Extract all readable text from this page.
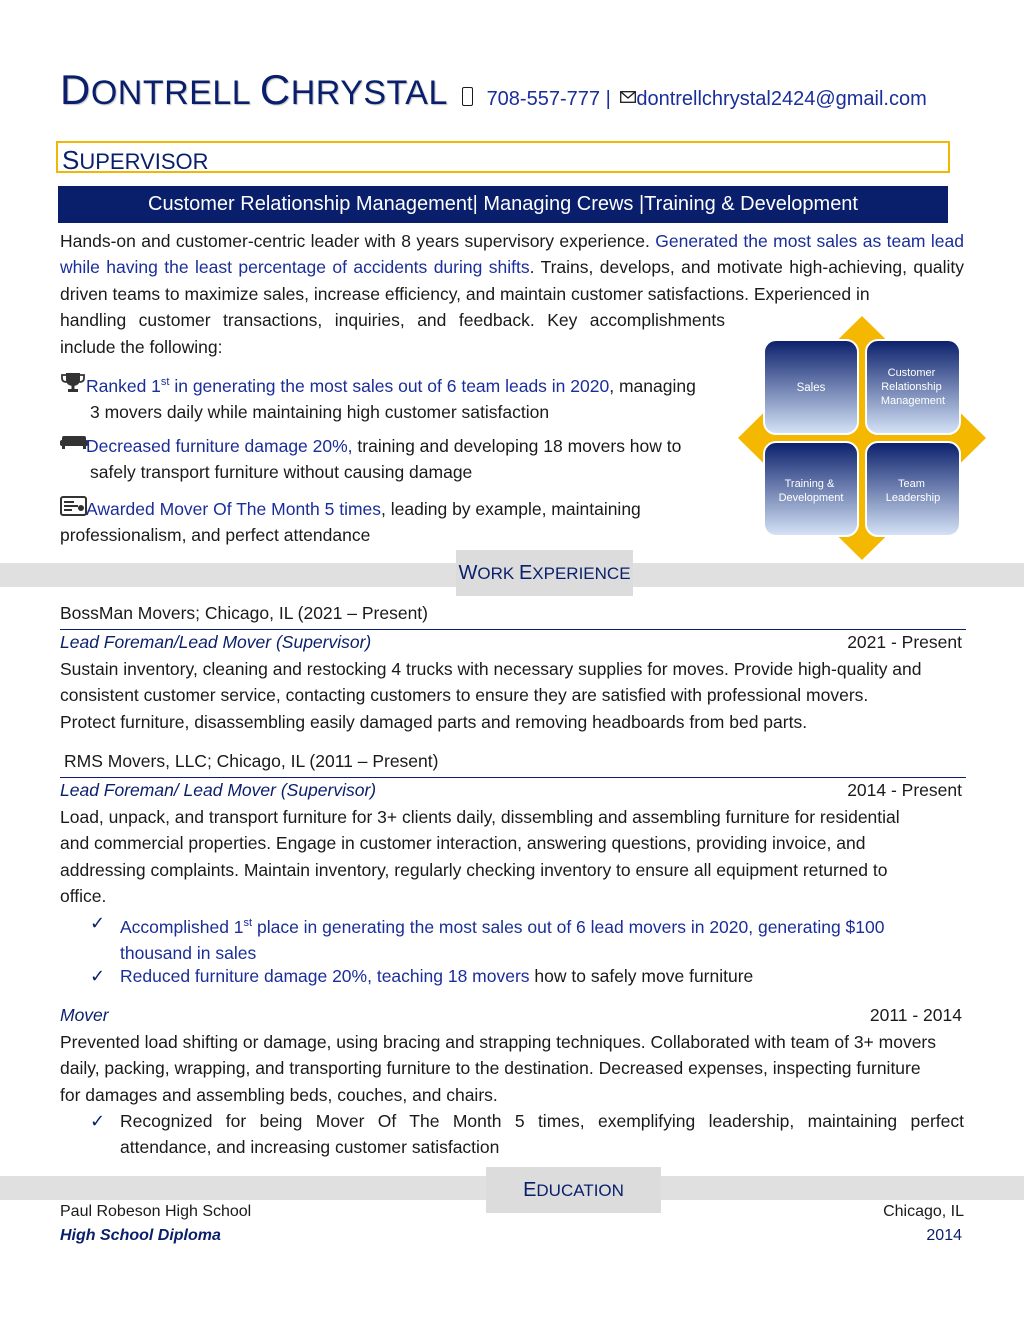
DONTRELL CHRYSTAL	708-557-777 | dontrellchrystal2424@gmail.com
SUPERVISOR
Customer Relationship Management| Managing Crews |Training & Development
Hands-on and customer-centric leader with 8 years supervisory experience. Generated the most sales as team lead while having the least percentage of accidents during shifts. Trains, develops, and motivate high-achieving, quality driven teams to maximize sales, increase efficiency, and maintain customer satisfactions. Experienced in
handling customer transactions, inquiries, and feedback. Key accomplishments
include the following:
Ranked 1st in generating the most sales out of 6 team leads in 2020, managing
3 movers daily while maintaining high customer satisfaction
Decreased furniture damage 20%, training and developing 18 movers how to
safely transport furniture without causing damage
Awarded Mover Of The Month 5 times, leading by example, maintaining
professionalism, and perfect attendance
Sales
Customer Relationship Management
Training & Development
Team Leadership
WORK EXPERIENCE
BossMan Movers; Chicago, IL (2021 – Present)
Lead Foreman/Lead Mover (Supervisor)	2021 - Present
Sustain inventory, cleaning and restocking 4 trucks with necessary supplies for moves. Provide high-quality and
consistent customer service, contacting customers to ensure they are satisfied with professional movers.
Protect furniture, disassembling easily damaged parts and removing headboards from bed parts.
RMS Movers, LLC; Chicago, IL (2011 – Present)
Lead Foreman/ Lead Mover (Supervisor)	2014 - Present
Load, unpack, and transport furniture for 3+ clients daily, dissembling and assembling furniture for residential
and commercial properties. Engage in customer interaction, answering questions, providing invoice, and
addressing complaints. Maintain inventory, regularly checking inventory to ensure all equipment returned to
office.
✓ Accomplished 1st place in generating the most sales out of 6 lead movers in 2020, generating $100
thousand in sales
✓ Reduced furniture damage 20%, teaching 18 movers how to safely move furniture
Mover	2011 - 2014
Prevented load shifting or damage, using bracing and strapping techniques. Collaborated with team of 3+ movers
daily, packing, wrapping, and transporting furniture to the destination. Decreased expenses, inspecting furniture
for damages and assembling beds, couches, and chairs.
✓ Recognized for being Mover Of The Month 5 times, exemplifying leadership, maintaining perfect
attendance, and increasing customer satisfaction
EDUCATION
Paul Robeson High School	Chicago, IL
High School Diploma	2014
